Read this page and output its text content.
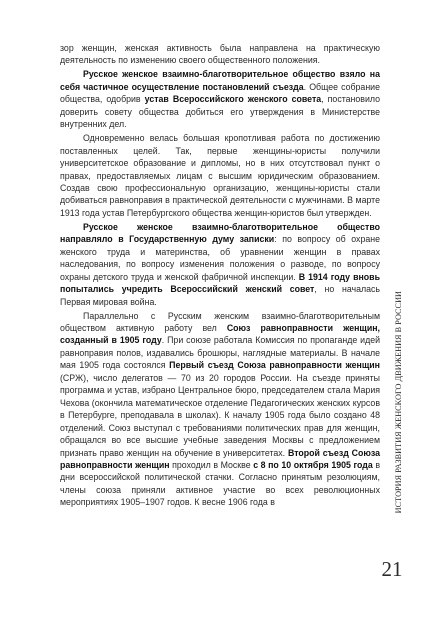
зор женщин, женская активность была направлена на практическую деятельность по изменению своего общественного положения.

Русское женское взаимно-благотворительное общество взяло на себя частичное осуществление постановлений съезда. Общее собрание общества, одобрив устав Всероссийского женского совета, постановило доверить совету общества добиться его утверждения в Министерстве внутренних дел.

Одновременно велась большая кропотливая работа по достижению поставленных целей. Так, первые женщины-юристы получили университетское образование и дипломы, но в них отсутствовал пункт о правах, предоставляемых лицам с высшим юридическим образованием. Создав свою профессиональную организацию, женщины-юристы стали добиваться равноправия в практической деятельности с мужчинами. В марте 1913 года устав Петербургского общества женщин-юристов был утвержден.

Русское женское взаимно-благотворительное общество направляло в Государственную думу записки: по вопросу об охране женского труда и материнства, об уравнении женщин в правах наследования, по вопросу изменения положения о разводе, по вопросу охраны детского труда и женской фабричной инспекции. В 1914 году вновь попытались учредить Всероссийский женский совет, но началась Первая мировая война.

Параллельно с Русским женским взаимно-благотворительным обществом активную работу вел Союз равноправности женщин, созданный в 1905 году. При союзе работала Комиссия по пропаганде идей равноправия полов, издавались брошюры, наглядные материалы. В начале мая 1905 года состоялся Первый съезд Союза равноправности женщин (СРЖ), число делегатов — 70 из 20 городов России. На съезде приняты программа и устав, избрано Центральное бюро, председателем стала Мария Чехова (окончила математическое отделение Педагогических женских курсов в Петербурге, преподавала в школах). К началу 1905 года было создано 48 отделений. Союз выступал с требованиями политических прав для женщин, обращался во все высшие учебные заведения Москвы с предложением признать право женщин на обучение в университетах. Второй съезд Союза равноправности женщин проходил в Москве с 8 по 10 октября 1905 года в дни всероссийской политической стачки. Согласно принятым резолюциям, члены союза приняли активное участие во всех революционных мероприятиях 1905–1907 годов. К весне 1906 года в	ИСТОРИЯ РАЗВИТИЯ ЖЕНСКОГО ДВИЖЕНИЯ В РОССИИ
21
